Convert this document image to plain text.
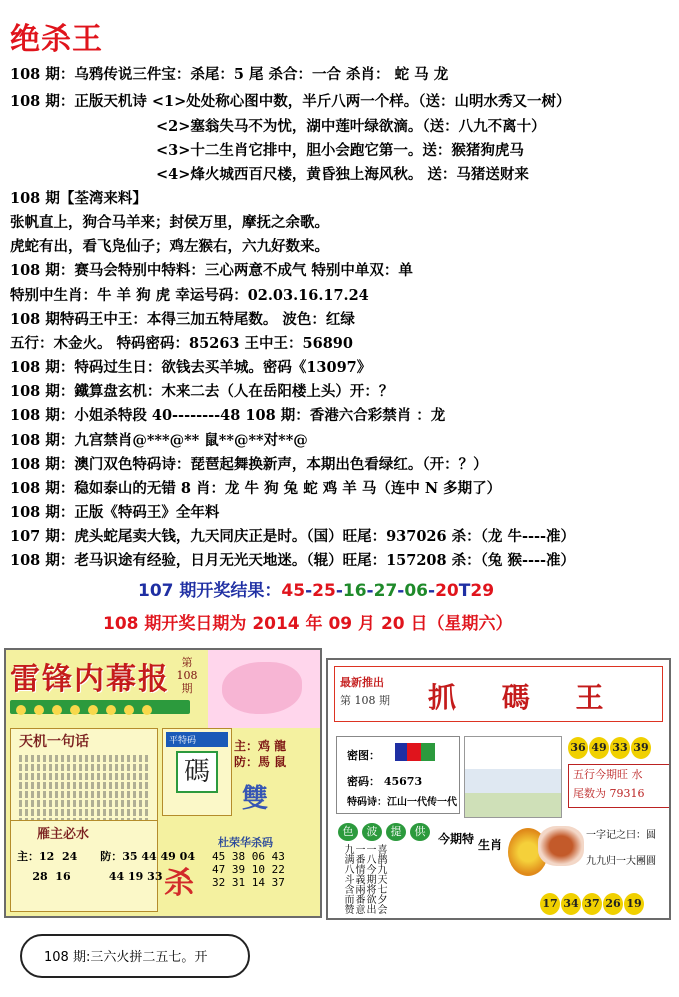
绝杀王
108 期：乌鸦传说三件宝：杀尾：5 尾 杀合：一合 杀肖： 蛇 马 龙
108 期：正版天机诗 <1>处处称心图中数，半斤八两一个样。（送：山明水秀又一树）
<2>塞翁失马不为忧，湖中莲叶绿欲滴。（送：八九不离十）
<3>十二生肖它排中，胆小会跑它第一。送：猴猪狗虎马
<4>烽火城西百尺楼，黄昏独上海风秋。 送：马猪送财来
108 期【荃湾来料】
张帆直上，狗合马羊来；封侯万里，摩抚之余歌。
虎蛇有出，看飞凫仙子；鸡左猴右，六九好数来。
108 期：赛马会特别中特料：三心两意不成气 特别中单双：单
特别中生肖：牛 羊 狗 虎 幸运号码：02.03.16.17.24
108 期特码王中王：本得三加五特尾数。 波色：红绿
五行：木金火。 特码密码：85263 王中王：56890
108 期：特码过生日：欲钱去买羊城。密码《13097》
108 期：鐵算盘玄机：木来二去（人在岳阳楼上头）开：？
108 期：小姐杀特段 40--------48 108 期：香港六合彩禁肖 ：龙
108 期：九宫禁肖@***@** 鼠**@**对**@
108 期：澳门双色特码诗：琵琶起舞换新声，本期出色看绿红。（开：？）
108 期：稳如泰山的无错 8 肖：龙 牛 狗 兔 蛇 鸡 羊 马（连中 N 多期了）
108 期：正版《特码王》全年料
107 期：虎头蛇尾卖大钱，九天同庆正是时。（国）旺尾：937026 杀：（龙 牛----准）
108 期：老马识途有经验，日月无光天地迷。（辊）旺尾：157208 杀：（兔 猴----准）
107 期开奖结果：45-25-16-27-06-20T29
108 期开奖日期为 2014 年 09 月 20 日（星期六）
雷锋内幕报	第108期
天机一句话	平特码
碼
主：鸡 龍
防：馬 鼠
雙
雁主必水
主：12  24      防：35 44 49 04
28  16          44 19 33
杜荣华杀码
杀
45 38 06 43
47 39 10 22
32 31 14 37
最新推出
第 108 期 抓 碼 王
密图：
密码： 45673
特码诗：江山一代传一代
36 49 33 39
五行今期旺 水
尾数为 79316
色 波 提 供
喜鹊九天七夕会 一八今期将欲出 一番情義兩番意 九满八斗含而赞
今期特 生肖
一字记之曰：圆
九九归一大團圓
17 34 37 26 19
108 期:三六火拼二五七。开
